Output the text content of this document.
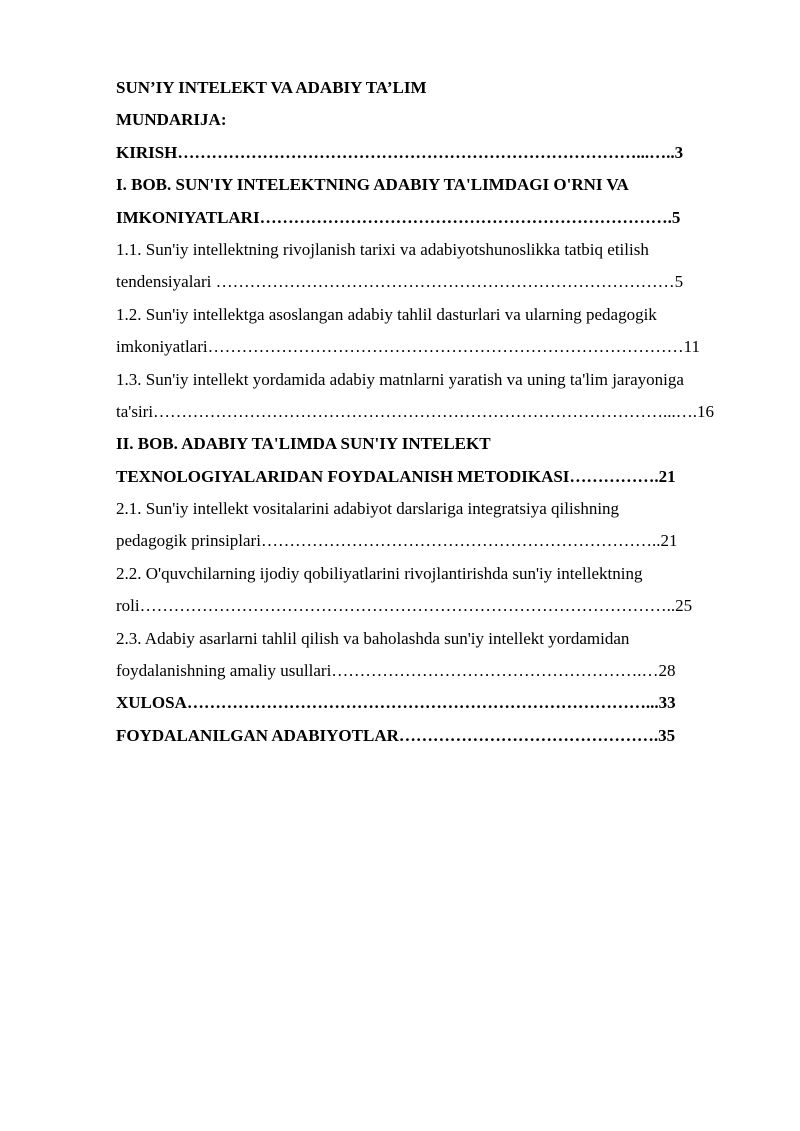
SUN’IY INTELEKT VA ADABIY TA’LIM
MUNDARIJA:
KIRISH………………………………………………………………………...…..3
I. BOB. SUN'IY INTELEKTNING ADABIY TA'LIMDAGI O'RNI VA
IMKONIYATLARI……………………………………………………………….5
1.1. Sun'iy intellektning rivojlanish tarixi va adabiyotshunoslikka tatbiq etilish
tendensiyalari ………………………………………………………………………5
1.2. Sun'iy intellektga asoslangan adabiy tahlil dasturlari va ularning pedagogik
imkoniyatlari…………………………………………………………………………11
1.3. Sun'iy intellekt yordamida adabiy matnlarni yaratish va uning ta'lim jarayoniga
ta'siri………………………………………………………………………………...….16
II. BOB. ADABIY TA'LIMDA SUN'IY INTELEKT
TEXNOLOGIYALARIDAN FOYDALANISH METODIKASI…………….21
2.1. Sun'iy intellekt vositalarini adabiyot darslariga integratsiya qilishning
pedagogik prinsiplari……………………………………………………………..21
2.2. O'quvchilarning ijodiy qobiliyatlarini rivojlantirishda sun'iy intellektning
roli…………………………………………………………………………………..25
2.3. Adabiy asarlarni tahlil qilish va baholashda sun'iy intellekt yordamidan
foydalanishning amaliy usullari……………………………………………….…28
XULOSA………………………………………………………………………...33
FOYDALANILGAN ADABIYOTLAR……………………………………….35
